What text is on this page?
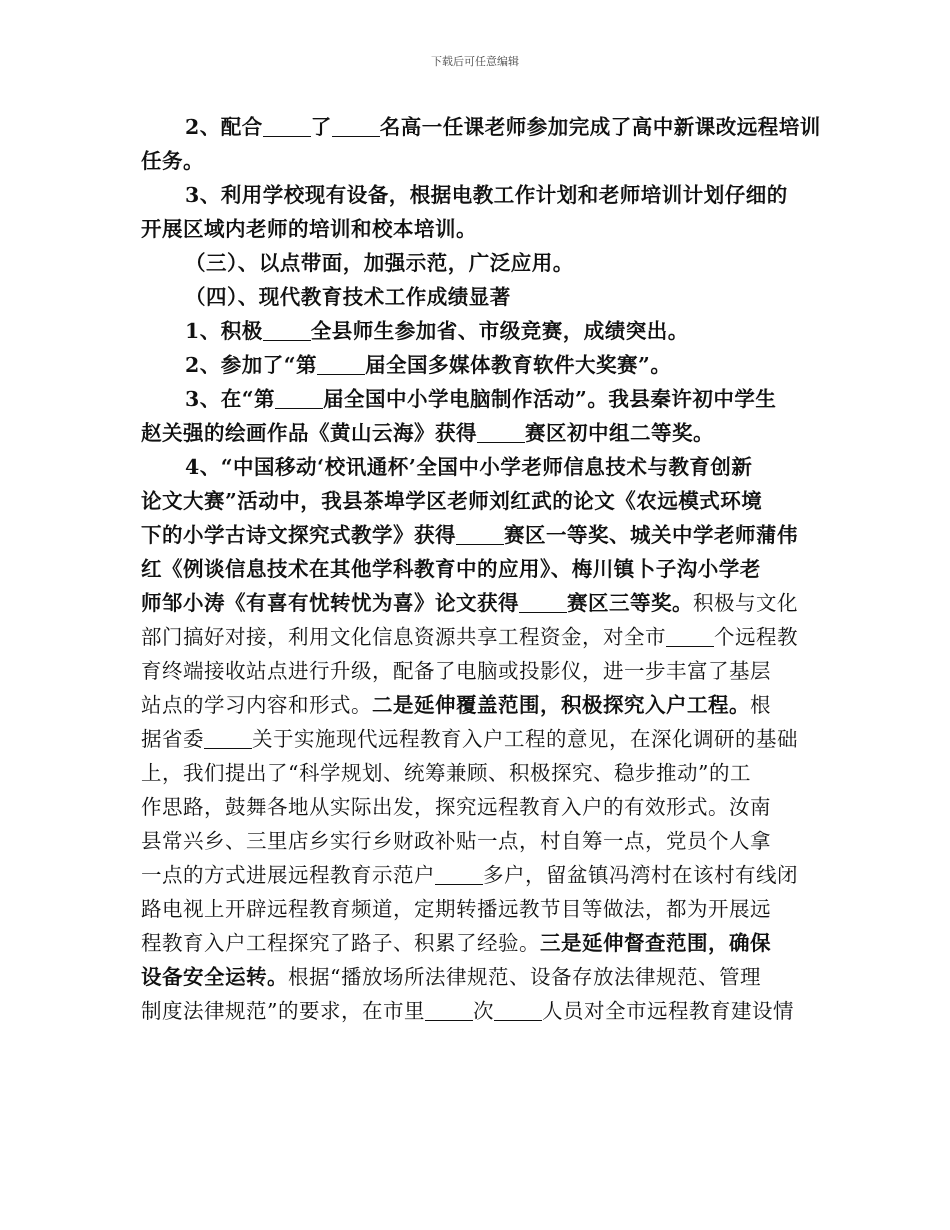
下载后可任意编辑

2、配合 了 名高一任课老师参加完成了高中新课改远程培训

任务。

3、利用学校现有设备，根据电教工作计划和老师培训计划仔细的

开展区域内老师的培训和校本培训。

（三）、以点带面，加强示范，广泛应用。

（四）、现代教育技术工作成绩显著

1、积极 全县师生参加省、市级竞赛，成绩突出。

2、参加了“第 届全国多媒体教育软件大奖赛”。

3、在“第 届全国中小学电脑制作活动”。我县秦许初中学生

赵关强的绘画作品《黄山云海》获得 赛区初中组二等奖。

4、“中国移动‘校讯通杯’全国中小学老师信息技术与教育创新

论文大赛”活动中，我县茶埠学区老师刘红武的论文《农远模式环境

下的小学古诗文探究式教学》获得 赛区一等奖、城关中学老师蒲伟

红《例谈信息技术在其他学科教育中的应用》、梅川镇卜子沟小学老

师邹小涛《有喜有忧转忧为喜》论文获得 赛区三等奖。积极与文化

部门搞好对接，利用文化信息资源共享工程资金，对全市 个远程教

育终端接收站点进行升级，配备了电脑或投影仪，进一步丰富了基层

站点的学习内容和形式。二是延伸覆盖范围，积极探究入户工程。根

据省委 关于实施现代远程教育入户工程的意见，在深化调研的基础

上，我们提出了“科学规划、统筹兼顾、积极探究、稳步推动”的工

作思路，鼓舞各地从实际出发，探究远程教育入户的有效形式。汝南

县常兴乡、三里店乡实行乡财政补贴一点，村自筹一点，党员个人拿

一点的方式进展远程教育示范户 多户，留盆镇冯湾村在该村有线闭

路电视上开辟远程教育频道，定期转播远教节目等做法，都为开展远

程教育入户工程探究了路子、积累了经验。三是延伸督查范围，确保

设备安全运转。根据“播放场所法律规范、设备存放法律规范、管理

制度法律规范”的要求，在市里 次 人员对全市远程教育建设情
